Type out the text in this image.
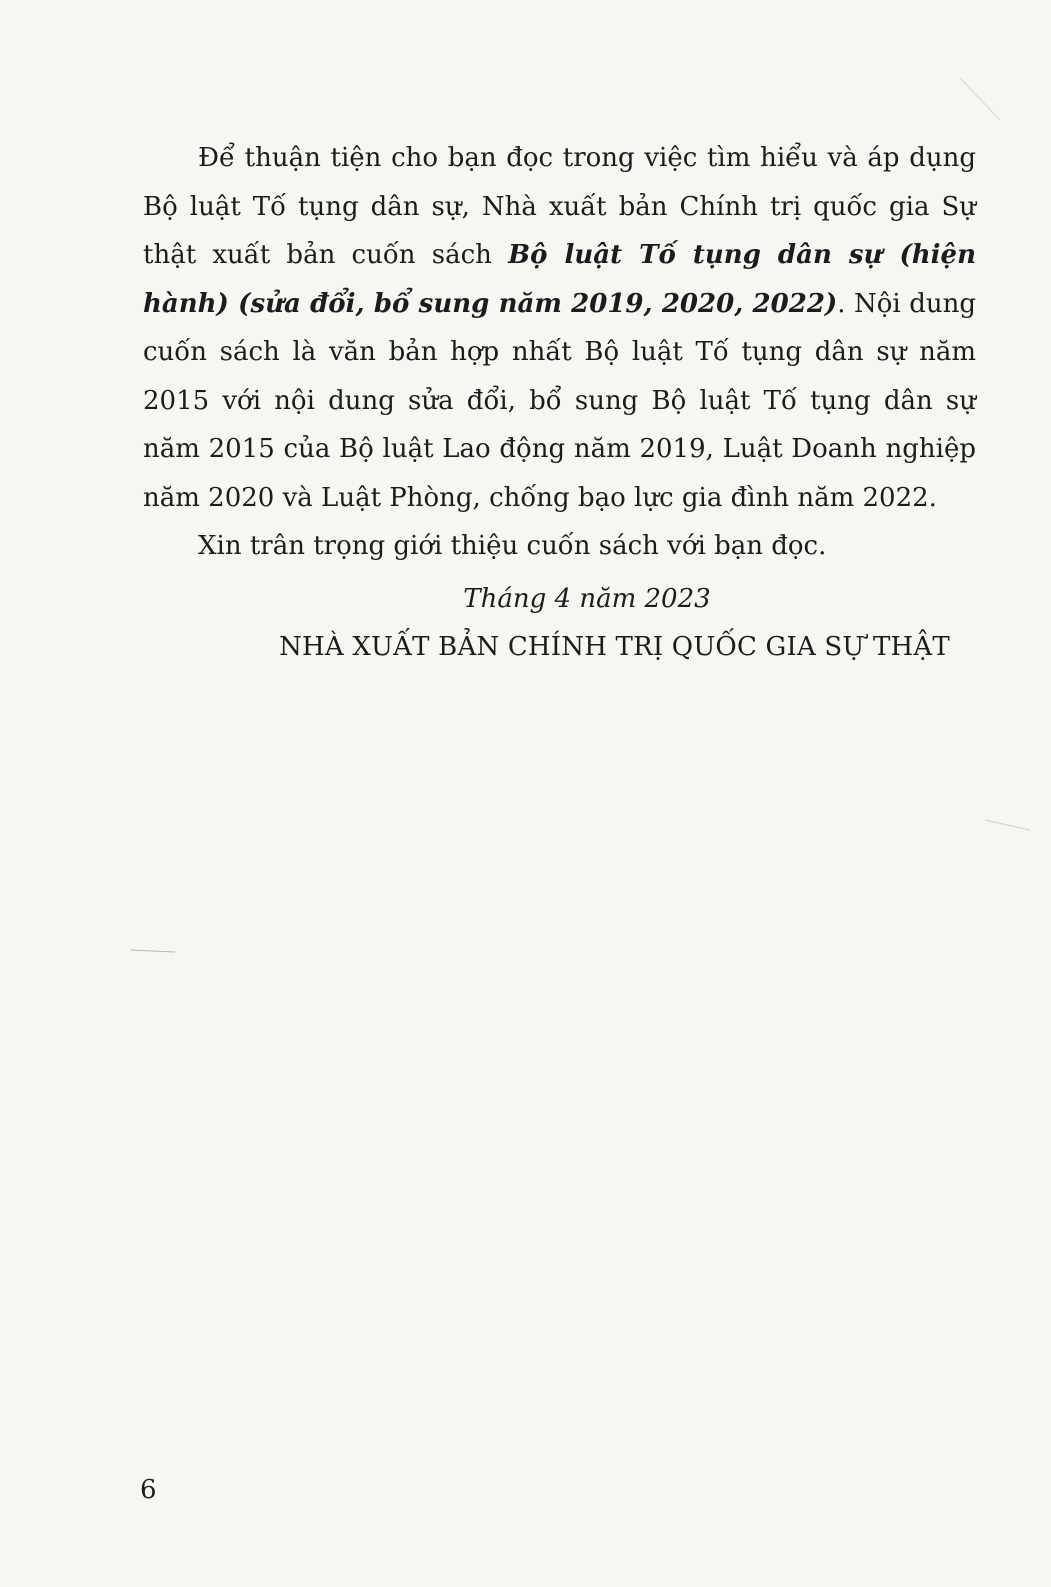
Để thuận tiện cho bạn đọc trong việc tìm hiểu và áp dụng Bộ luật Tố tụng dân sự, Nhà xuất bản Chính trị quốc gia Sự thật xuất bản cuốn sách Bộ luật Tố tụng dân sự (hiện hành) (sửa đổi, bổ sung năm 2019, 2020, 2022). Nội dung cuốn sách là văn bản hợp nhất Bộ luật Tố tụng dân sự năm 2015 với nội dung sửa đổi, bổ sung Bộ luật Tố tụng dân sự năm 2015 của Bộ luật Lao động năm 2019, Luật Doanh nghiệp năm 2020 và Luật Phòng, chống bạo lực gia đình năm 2022.

Xin trân trọng giới thiệu cuốn sách với bạn đọc.

Tháng 4 năm 2023

NHÀ XUẤT BẢN CHÍNH TRỊ QUỐC GIA SỰ THẬT

6
